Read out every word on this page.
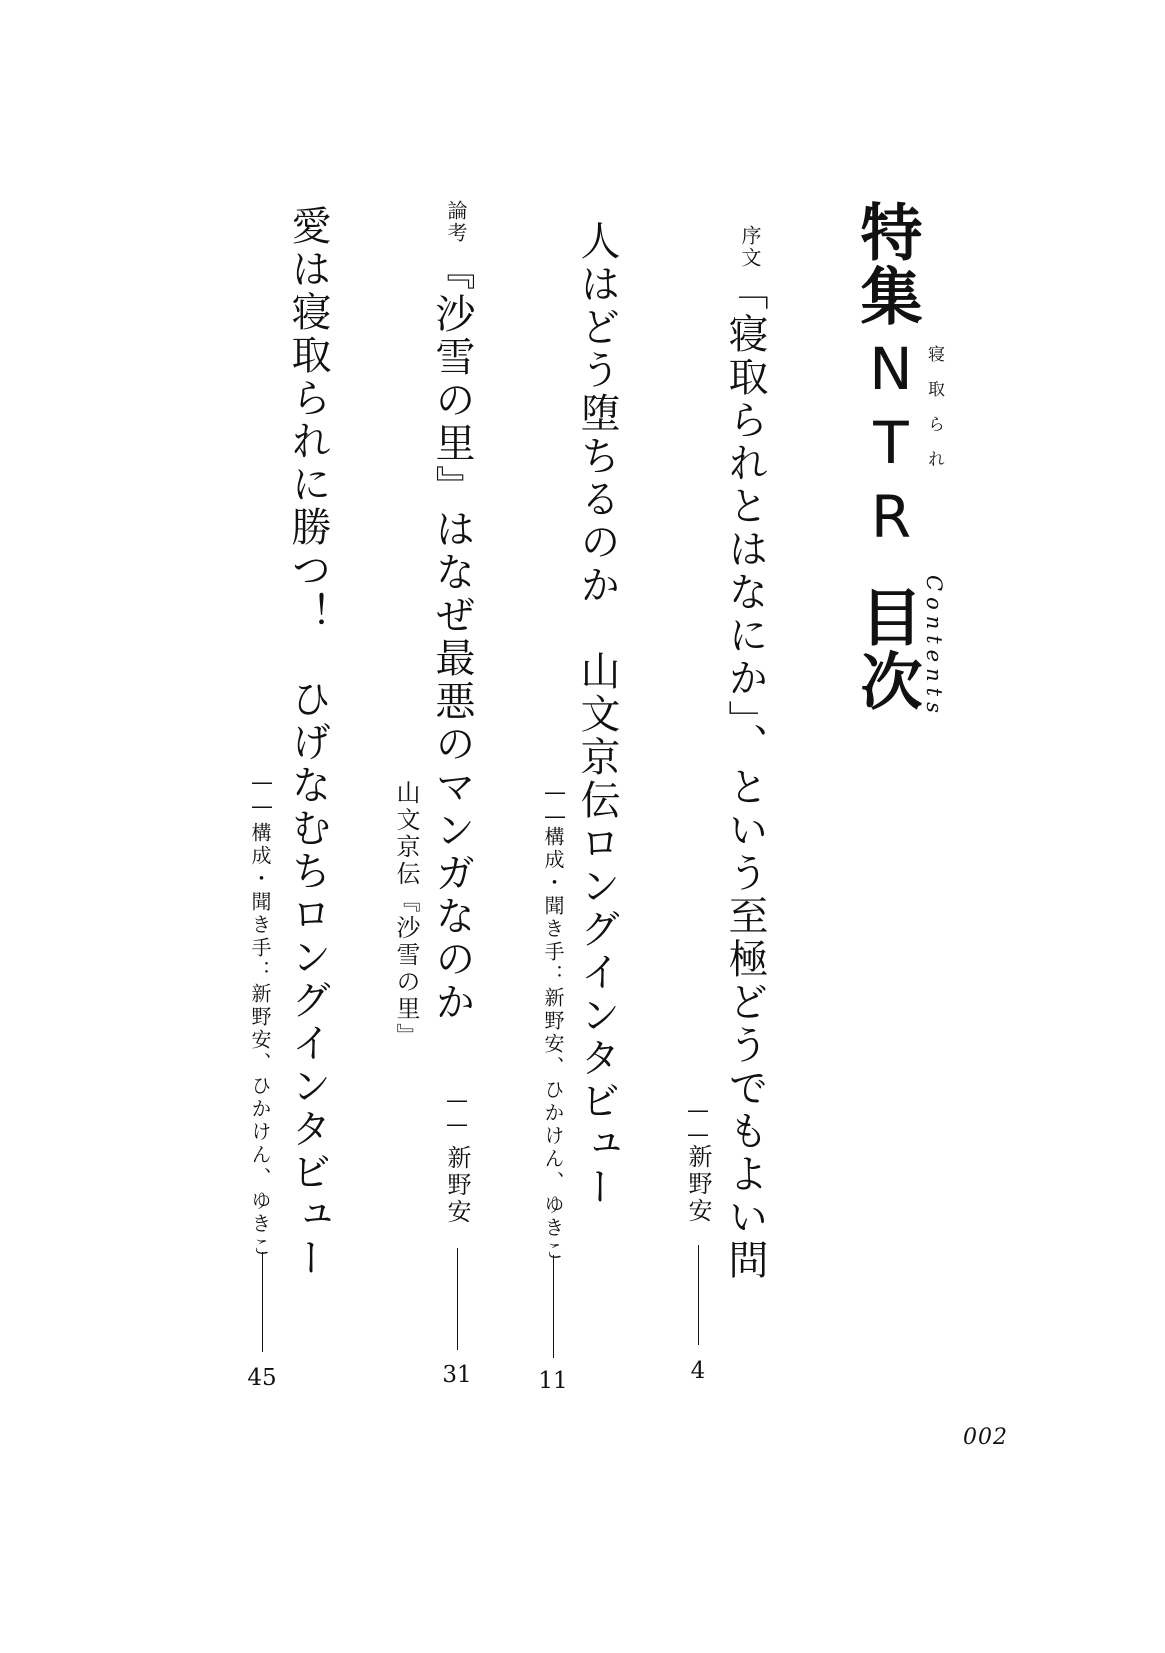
特集
NTR 寝取られ
目次 Contents
序文
「寝取られとはなにか」、という至極どうでもよい問
――
新野安
4
人はどう堕ちるのか　山文京伝ロングインタビュー
――
構成・聞き手：新野安、ひかけん、ゆきこ
11
論考
『沙雪の里』はなぜ最悪のマンガなのか
山文京伝『沙雪の里』
――
新野安
31
愛は寝取られに勝つ！　ひげなむちロングインタビュー
――
構成・聞き手：新野安、ひかけん、ゆきこ
45
002
